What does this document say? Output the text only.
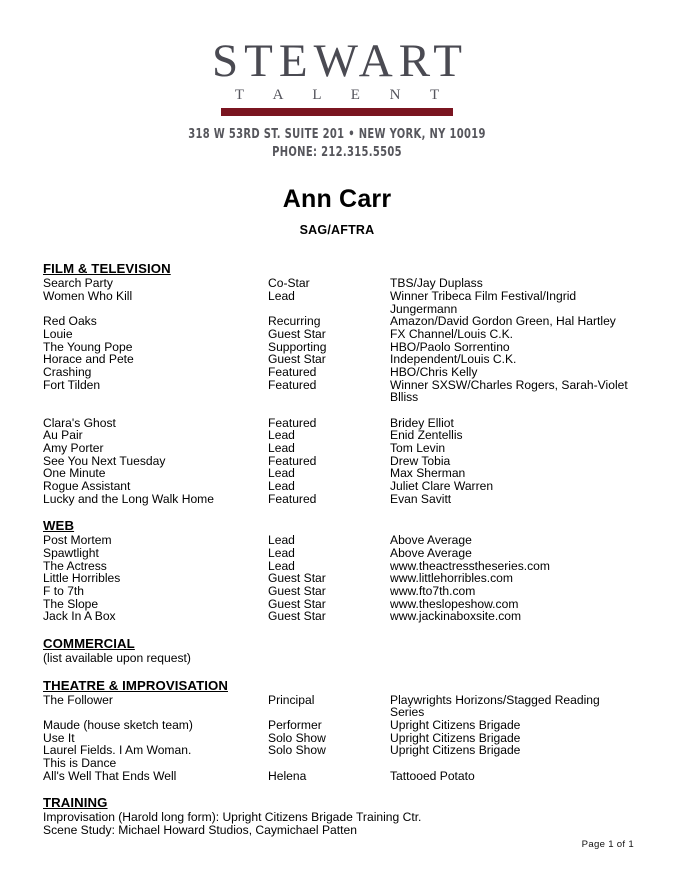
STEWART
T A L E N T
318 W 53RD ST. SUITE 201 • NEW YORK, NY 10019
PHONE: 212.315.5505
Ann Carr
SAG/AFTRA
FILM & TELEVISION
Search Party	Co-Star	TBS/Jay Duplass
Women Who Kill	Lead	Winner Tribeca Film Festival/Ingrid Jungermann
Red Oaks	Recurring	Amazon/David Gordon Green, Hal Hartley
Louie	Guest Star	FX Channel/Louis C.K.
The Young Pope	Supporting	HBO/Paolo Sorrentino
Horace and Pete	Guest Star	Independent/Louis C.K.
Crashing	Featured	HBO/Chris Kelly
Fort Tilden	Featured	Winner SXSW/Charles Rogers, Sarah-Violet Blliss
Clara's Ghost	Featured	Bridey Elliot
Au Pair	Lead	Enid Zentellis
Amy Porter	Lead	Tom Levin
See You Next Tuesday	Featured	Drew Tobia
One Minute	Lead	Max Sherman
Rogue Assistant	Lead	Juliet Clare Warren
Lucky and the Long Walk Home	Featured	Evan Savitt
WEB
Post Mortem	Lead	Above Average
Spawtlight	Lead	Above Average
The Actress	Lead	www.theactresstheseries.com
Little Horribles	Guest Star	www.littlehorribles.com
F to 7th	Guest Star	www.fto7th.com
The Slope	Guest Star	www.theslopeshow.com
Jack In A Box	Guest Star	www.jackinaboxsite.com
COMMERCIAL
(list available upon request)
THEATRE & IMPROVISATION
The Follower	Principal	Playwrights Horizons/Stagged Reading Series
Maude (house sketch team)	Performer	Upright Citizens Brigade
Use It	Solo Show	Upright Citizens Brigade
Laurel Fields. I Am Woman.	Solo Show	Upright Citizens Brigade
This is Dance
All's Well That Ends Well	Helena	Tattooed Potato
TRAINING
Improvisation (Harold long form): Upright Citizens Brigade Training Ctr.
Scene Study: Michael Howard Studios, Caymichael Patten
Page 1 of 1
